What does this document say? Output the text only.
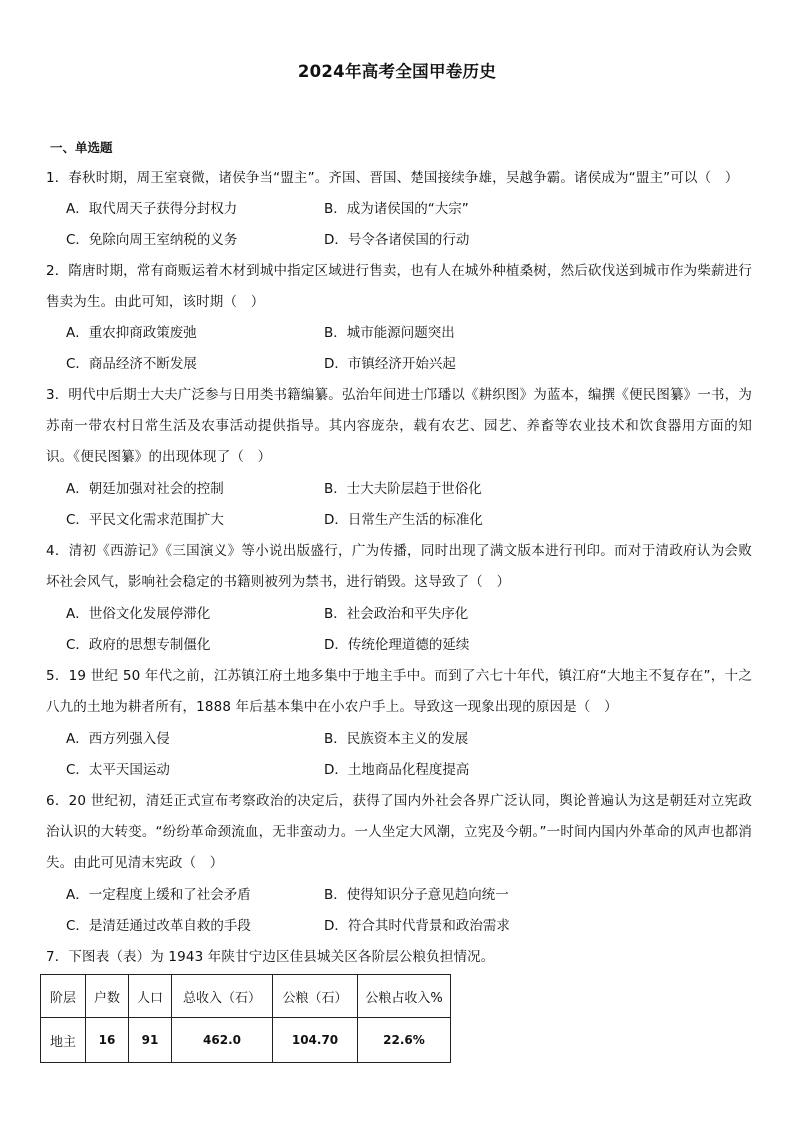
2024年高考全国甲卷历史
一、单选题
1．春秋时期，周王室衰微，诸侯争当“盟主”。齐国、晋国、楚国接续争雄，吴越争霸。诸侯成为“盟主”可以（　）
A．取代周天子获得分封权力	B．成为诸侯国的“大宗”
C．免除向周王室纳税的义务	D．号令各诸侯国的行动
2．隋唐时期，常有商贩运着木材到城中指定区域进行售卖，也有人在城外种植桑树，然后砍伐送到城市作为柴薪进行售卖为生。由此可知，该时期（　）
A．重农抑商政策废弛	B．城市能源问题突出
C．商品经济不断发展	D．市镇经济开始兴起
3．明代中后期士大夫广泛参与日用类书籍编纂。弘治年间进士邝璠以《耕织图》为蓝本，编撰《便民图纂》一书，为苏南一带农村日常生活及农事活动提供指导。其内容庞杂，载有农艺、园艺、养畜等农业技术和饮食器用方面的知识。《便民图纂》的出现体现了（　）
A．朝廷加强对社会的控制	B．士大夫阶层趋于世俗化
C．平民文化需求范围扩大	D．日常生产生活的标准化
4．清初《西游记》《三国演义》等小说出版盛行，广为传播，同时出现了满文版本进行刊印。而对于清政府认为会败坏社会风气，影响社会稳定的书籍则被列为禁书，进行销毁。这导致了（　）
A．世俗文化发展停滞化	B．社会政治和平失序化
C．政府的思想专制僵化	D．传统伦理道德的延续
5．19 世纪 50 年代之前，江苏镇江府土地多集中于地主手中。而到了六七十年代，镇江府“大地主不复存在”，十之八九的土地为耕者所有，1888 年后基本集中在小农户手上。导致这一现象出现的原因是（　）
A．西方列强入侵	B．民族资本主义的发展
C．太平天国运动	D．土地商品化程度提高
6．20 世纪初，清廷正式宣布考察政治的决定后，获得了国内外社会各界广泛认同，舆论普遍认为这是朝廷对立宪政治认识的大转变。“纷纷革命颈流血，无非蛮动力。一人坐定大风潮，立宪及今朝。”一时间内国内外革命的风声也都消失。由此可见清末宪政（　）
A．一定程度上缓和了社会矛盾	B．使得知识分子意见趋向统一
C．是清廷通过改革自救的手段	D．符合其时代背景和政治需求
7．下图表（表）为 1943 年陕甘宁边区佳县城关区各阶层公粮负担情况。
阶层	户数	人口	总收入（石）	公粮（石）	公粮占收入%
地主	16	91	462.0	104.70	22.6%
